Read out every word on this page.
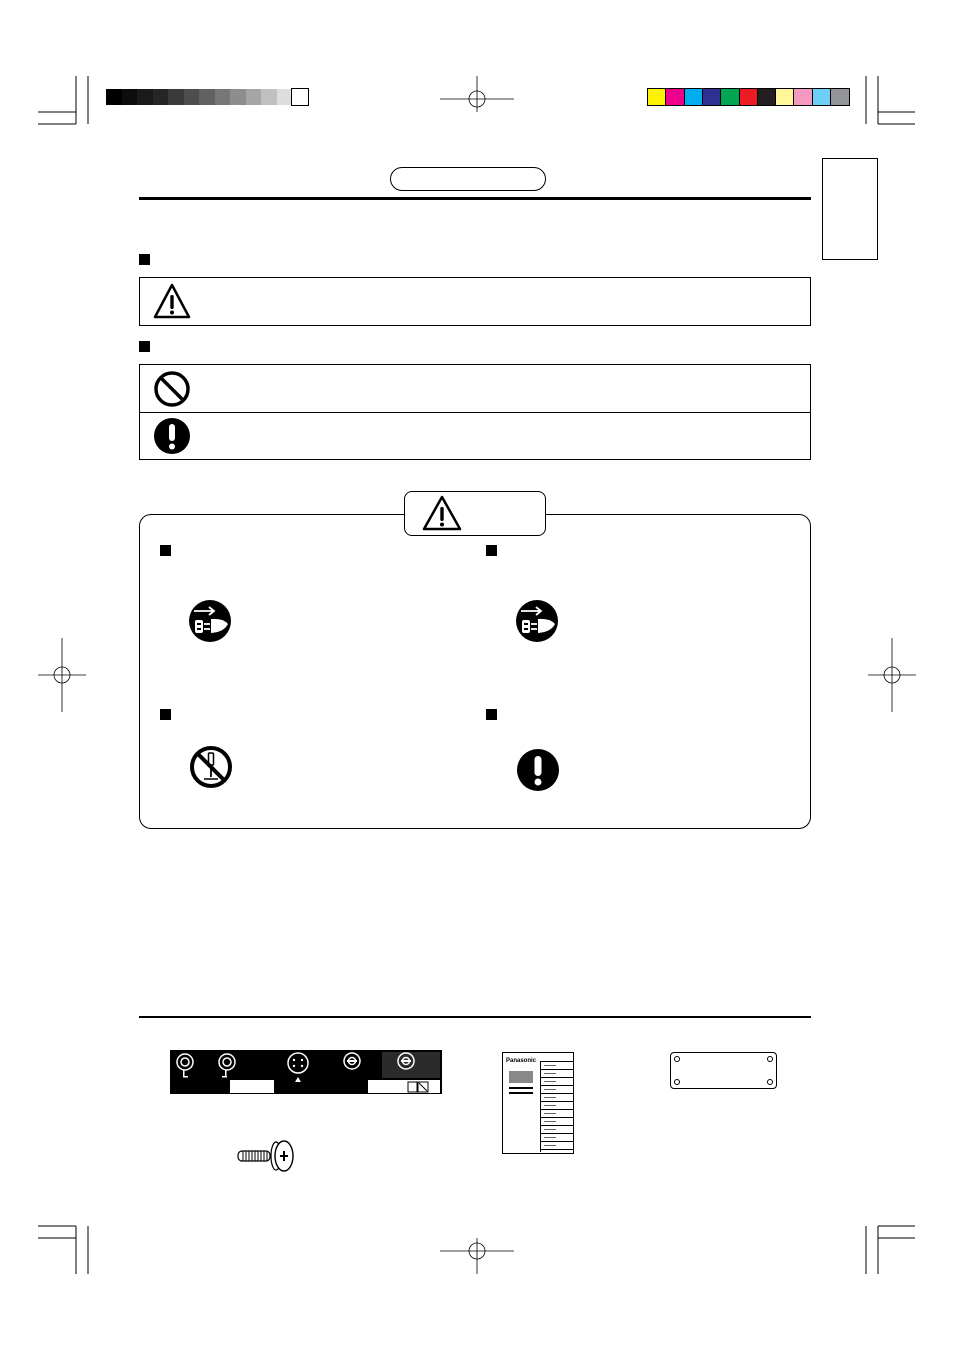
Panasonic
